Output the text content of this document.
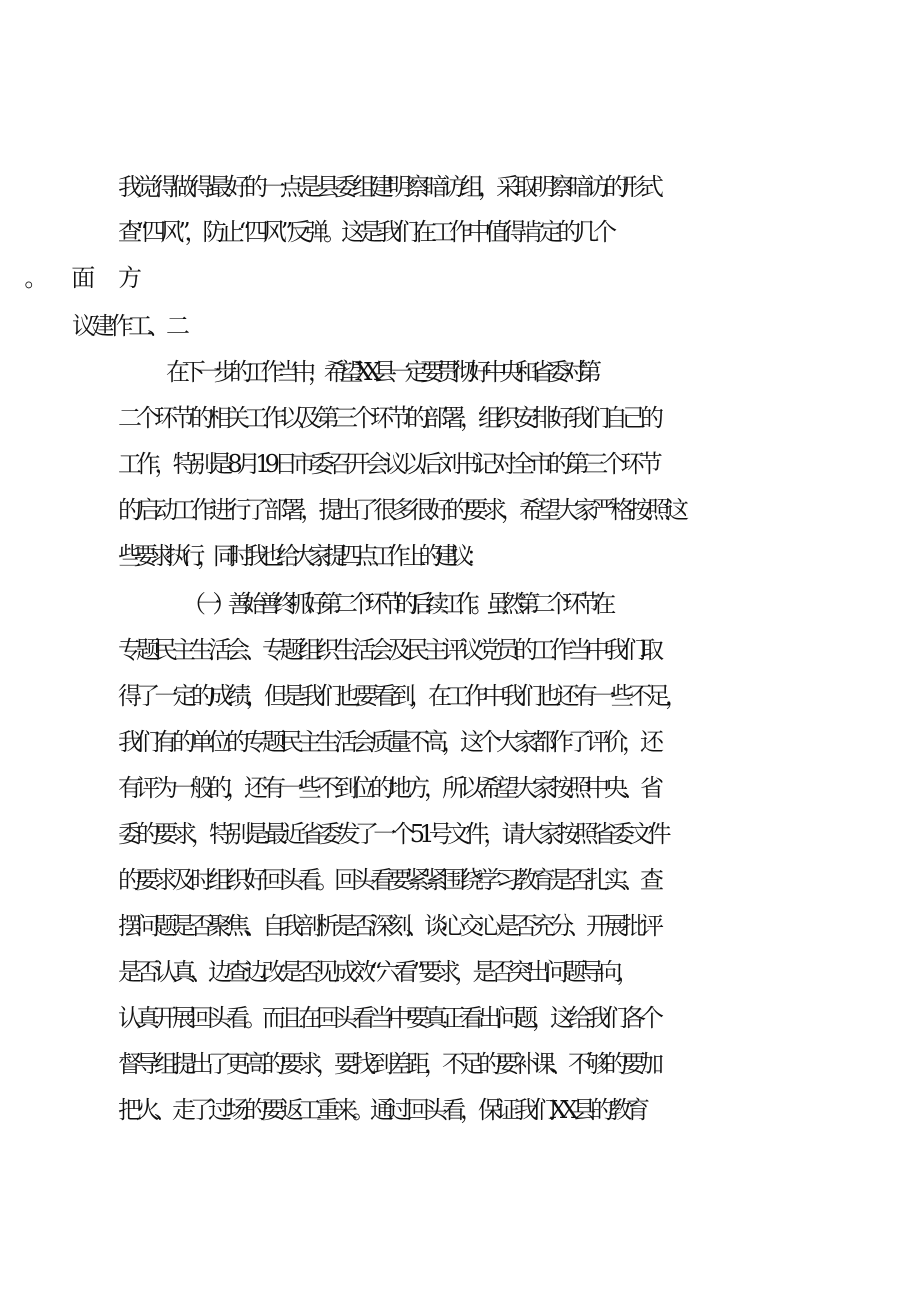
我觉得做得最好的一点是县委组建明察暗访组，采取明察暗访的形式
查“四风”，防止“四风”反弹。这是我们在工作中值得肯定的几个
在下一步的工作当中，希望XX县一定要贯彻好中央和省委对第
二个环节的相关工作以及第三个环节的部署，组织安排好我们自己的
工作，特别是8月19日市委召开会议以后刘书记对全市的第三个环节
的启动工作进行了部署，提出了很多很好的要求，希望大家严格按照这
些要求执行，同时我也给大家提四点工作上的建议：
（一）善始善终抓好第二个环节的后续工作。虽然第二个环节在
专题民主生活会、专题组织生活会及民主评议党员的工作当中我们取
得了一定的成绩，但是我们也要看到，在工作中我们也还有一些不足，
我们有的单位的专题民主生活会质量不高，这个大家都作了评价，还
有评为一般的，还有一些不到位的地方，所以希望大家按照中央、省
委的要求，特别是最近省委发了一个51号文件，请大家按照省委文件
的要求及时组织好回头看。回头看要紧紧围绕学习教育是否扎实、查
摆问题是否聚焦、自我剖析是否深刻、谈心交心是否充分、开展批评
是否认真、边查边改是否见成效“六看”要求，是否突出问题导向，
认真开展回头看。而且在回头看当中要真正看出问题，这给我们各个
督导组提出了更高的要求，要找到差距，不足的要补课、不够的要加
把火、走了过场的要返工重来。通过回头看，保证我们XX县的教育
